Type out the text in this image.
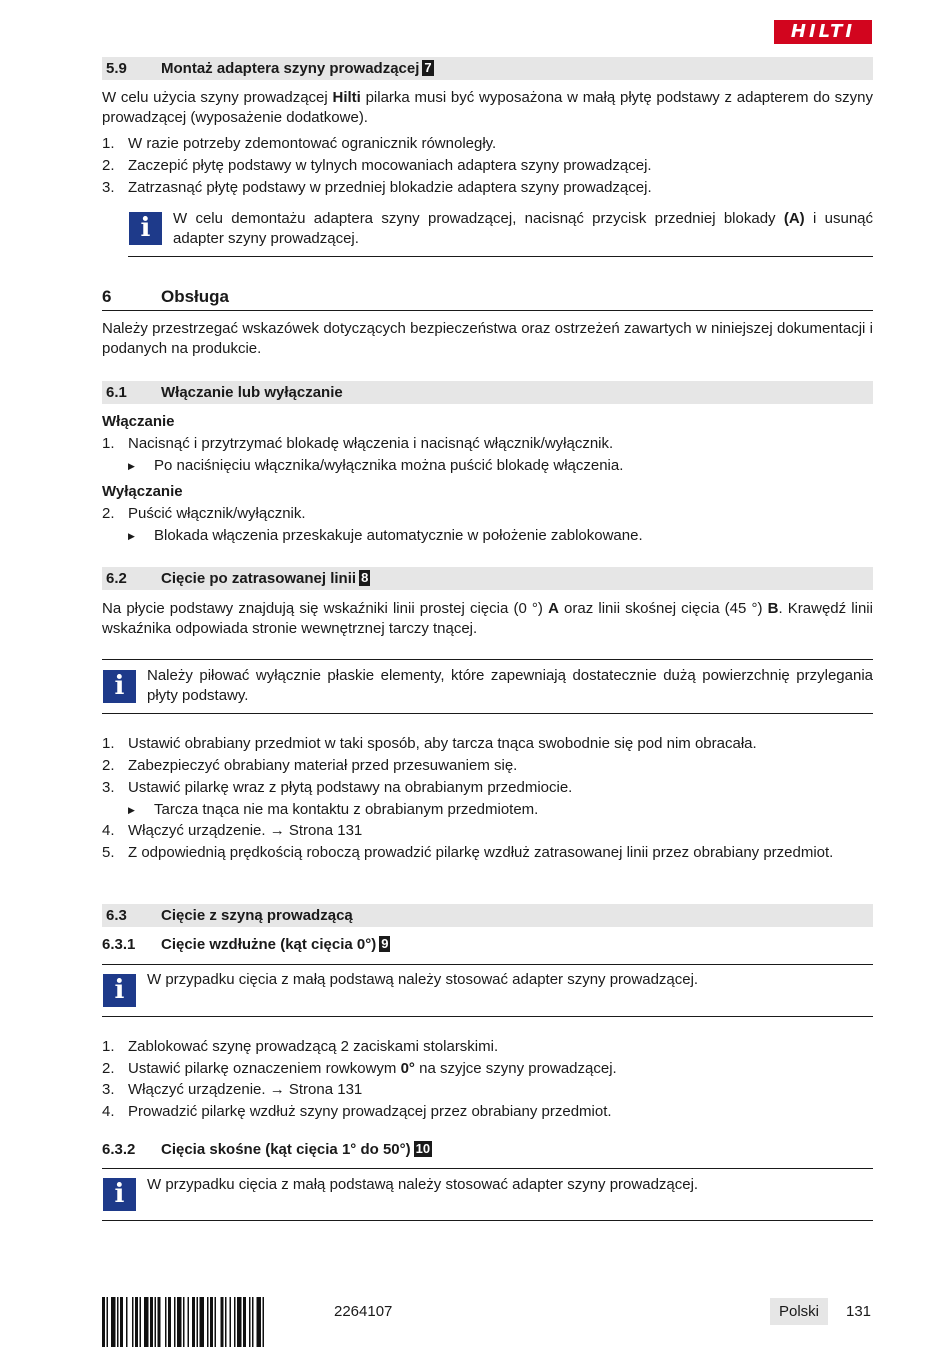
HILTI
5.9 Montaż adaptera szyny prowadzącej 7
W celu użycia szyny prowadzącej Hilti pilarka musi być wyposażona w małą płytę podstawy z adapterem do szyny prowadzącej (wyposażenie dodatkowe).
1. W razie potrzeby zdemontować ogranicznik równoległy.
2. Zaczepić płytę podstawy w tylnych mocowaniach adaptera szyny prowadzącej.
3. Zatrzasnąć płytę podstawy w przedniej blokadzie adaptera szyny prowadzącej.
i	W celu demontażu adaptera szyny prowadzącej, nacisnąć przycisk przedniej blokady (A) i usunąć adapter szyny prowadzącej.
6	Obsługa
Należy przestrzegać wskazówek dotyczących bezpieczeństwa oraz ostrzeżeń zawartych w niniejszej dokumentacji i podanych na produkcie.
6.1 Włączanie lub wyłączanie
Włączanie
1. Nacisnąć i przytrzymać blokadę włączenia i nacisnąć włącznik/wyłącznik.
▶ Po naciśnięciu włącznika/wyłącznika można puścić blokadę włączenia.
Wyłączanie
2. Puścić włącznik/wyłącznik.
▶ Blokada włączenia przeskakuje automatycznie w położenie zablokowane.
6.2 Cięcie po zatrasowanej linii 8
Na płycie podstawy znajdują się wskaźniki linii prostej cięcia (0 °) A oraz linii skośnej cięcia (45 °) B. Krawędź linii wskaźnika odpowiada stronie wewnętrznej tarczy tnącej.
i	Należy piłować wyłącznie płaskie elementy, które zapewniają dostatecznie dużą powierzchnię przylegania płyty podstawy.
1. Ustawić obrabiany przedmiot w taki sposób, aby tarcza tnąca swobodnie się pod nim obracała.
2. Zabezpieczyć obrabiany materiał przed przesuwaniem się.
3. Ustawić pilarkę wraz z płytą podstawy na obrabianym przedmiocie.
▶ Tarcza tnąca nie ma kontaktu z obrabianym przedmiotem.
4. Włączyć urządzenie. → Strona 131
5. Z odpowiednią prędkością roboczą prowadzić pilarkę wzdłuż zatrasowanej linii przez obrabiany przedmiot.
6.3 Cięcie z szyną prowadzącą
6.3.1 Cięcie wzdłużne (kąt cięcia 0°) 9
i	W przypadku cięcia z małą podstawą należy stosować adapter szyny prowadzącej.
1. Zablokować szynę prowadzącą 2 zaciskami stolarskimi.
2. Ustawić pilarkę oznaczeniem rowkowym 0° na szyjce szyny prowadzącej.
3. Włączyć urządzenie. → Strona 131
4. Prowadzić pilarkę wzdłuż szyny prowadzącej przez obrabiany przedmiot.
6.3.2 Cięcia skośne (kąt cięcia 1° do 50°) 10
i	W przypadku cięcia z małą podstawą należy stosować adapter szyny prowadzącej.
2264107	Polski	131
